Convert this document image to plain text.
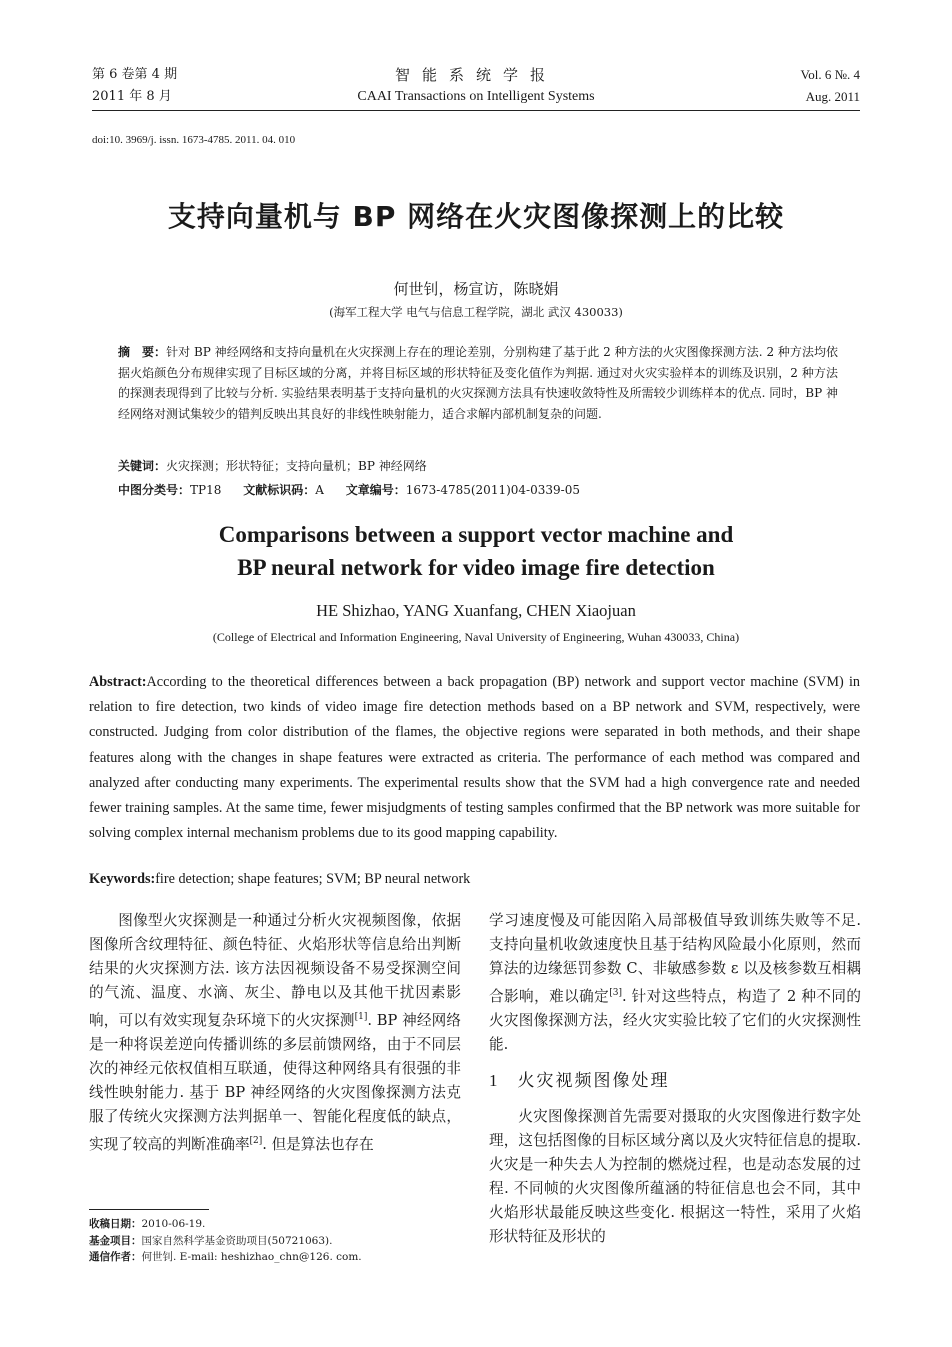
第 6 卷第 4 期
2011 年 8 月
智能系统学报
CAAI Transactions on Intelligent Systems
Vol. 6 №. 4
Aug. 2011
doi:10. 3969/j. issn. 1673-4785. 2011. 04. 010
支持向量机与 BP 网络在火灾图像探测上的比较
何世钊，杨宣访，陈晓娟
(海军工程大学 电气与信息工程学院，湖北 武汉 430033)
摘　要：针对 BP 神经网络和支持向量机在火灾探测上存在的理论差别，分别构建了基于此 2 种方法的火灾图像探测方法. 2 种方法均依据火焰颜色分布规律实现了目标区域的分离，并将目标区域的形状特征及变化值作为判据. 通过对火灾实验样本的训练及识别，2 种方法的探测表现得到了比较与分析. 实验结果表明基于支持向量机的火灾探测方法具有快速收敛特性及所需较少训练样本的优点. 同时，BP 神经网络对测试集较少的错判反映出其良好的非线性映射能力，适合求解内部机制复杂的问题.
关键词：火灾探测；形状特征；支持向量机；BP 神经网络
中图分类号：TP18 文献标识码：A 文章编号：1673-4785(2011)04-0339-05
Comparisons between a support vector machine and
BP neural network for video image fire detection
HE Shizhao, YANG Xuanfang, CHEN Xiaojuan
(College of Electrical and Information Engineering, Naval University of Engineering, Wuhan 430033, China)
Abstract:According to the theoretical differences between a back propagation (BP) network and support vector machine (SVM) in relation to fire detection, two kinds of video image fire detection methods based on a BP network and SVM, respectively, were constructed. Judging from color distribution of the flames, the objective regions were separated in both methods, and their shape features along with the changes in shape features were extracted as criteria. The performance of each method was compared and analyzed after conducting many experiments. The experimental results show that the SVM had a high convergence rate and needed fewer training samples. At the same time, fewer misjudgments of testing samples confirmed that the BP network was more suitable for solving complex internal mechanism problems due to its good mapping capability.
Keywords:fire detection; shape features; SVM; BP neural network
图像型火灾探测是一种通过分析火灾视频图像，依据图像所含纹理特征、颜色特征、火焰形状等信息给出判断结果的火灾探测方法. 该方法因视频设备不易受探测空间的气流、温度、水滴、灰尘、静电以及其他干扰因素影响，可以有效实现复杂环境下的火灾探测[1]. BP 神经网络是一种将误差逆向传播训练的多层前馈网络，由于不同层次的神经元依权值相互联通，使得这种网络具有很强的非线性映射能力. 基于 BP 神经网络的火灾图像探测方法克服了传统火灾探测方法判据单一、智能化程度低的缺点，实现了较高的判断准确率[2]. 但是算法也存在
学习速度慢及可能因陷入局部极值导致训练失败等不足. 支持向量机收敛速度快且基于结构风险最小化原则，然而算法的边缘惩罚参数 C、非敏感参数 ε 以及核参数互相耦合影响，难以确定[3]. 针对这些特点，构造了 2 种不同的火灾图像探测方法，经火灾实验比较了它们的火灾探测性能.
1 火灾视频图像处理
火灾图像探测首先需要对摄取的火灾图像进行数字处理，这包括图像的目标区域分离以及火灾特征信息的提取. 火灾是一种失去人为控制的燃烧过程，也是动态发展的过程. 不同帧的火灾图像所蕴涵的特征信息也会不同，其中火焰形状最能反映这些变化. 根据这一特性，采用了火焰形状特征及形状的
收稿日期：2010-06-19.
基金项目：国家自然科学基金资助项目(50721063).
通信作者：何世钊. E-mail: heshizhao_chn@126. com.
